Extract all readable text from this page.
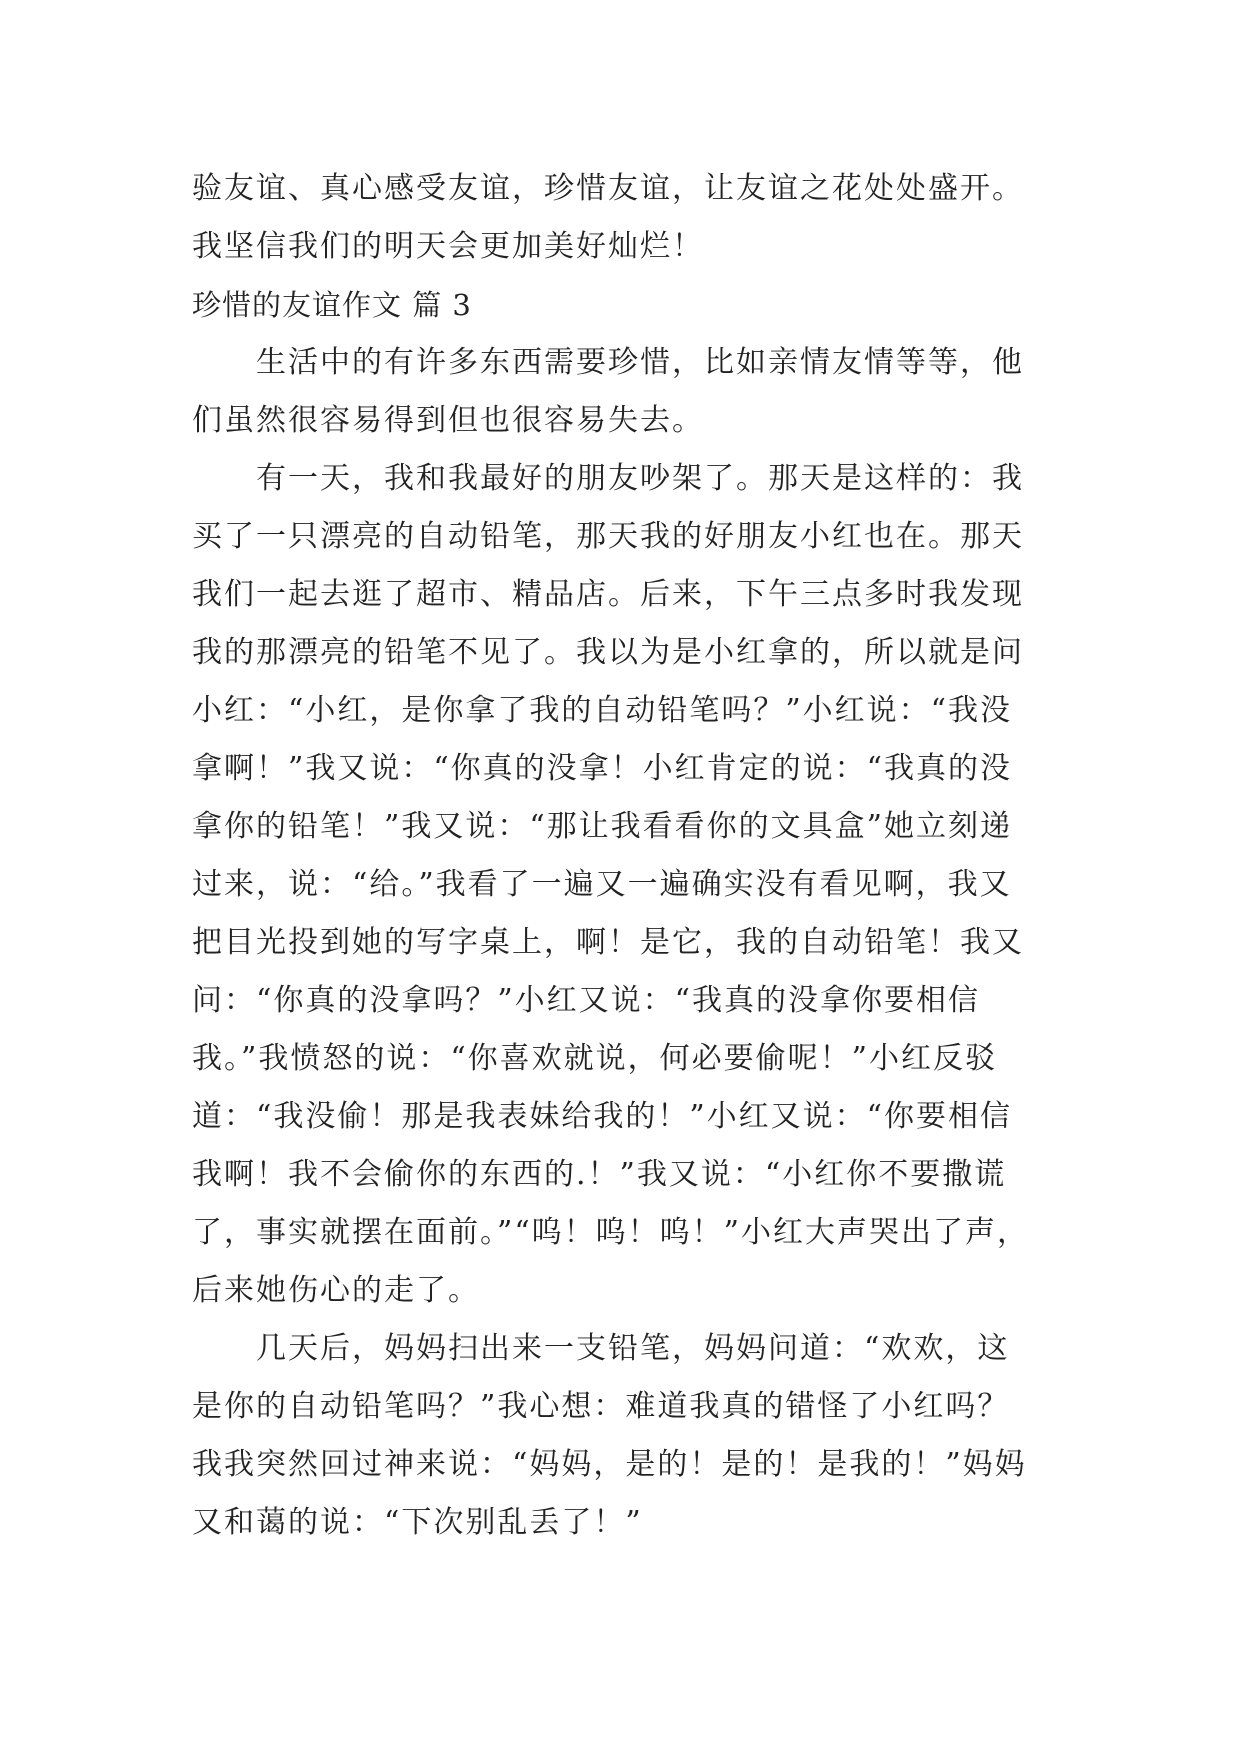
验友谊、真心感受友谊，珍惜友谊，让友谊之花处处盛开。
我坚信我们的明天会更加美好灿烂！
珍惜的友谊作文 篇 3
生活中的有许多东西需要珍惜，比如亲情友情等等，他
们虽然很容易得到但也很容易失去。
有一天，我和我最好的朋友吵架了。那天是这样的：我
买了一只漂亮的自动铅笔，那天我的好朋友小红也在。那天
我们一起去逛了超市、精品店。后来，下午三点多时我发现
我的那漂亮的铅笔不见了。我以为是小红拿的，所以就是问
小红：“小红，是你拿了我的自动铅笔吗？”小红说：“我没
拿啊！”我又说：“你真的没拿！小红肯定的说：“我真的没
拿你的铅笔！”我又说：“那让我看看你的文具盒”她立刻递
过来，说：“给。”我看了一遍又一遍确实没有看见啊，我又
把目光投到她的写字桌上，啊！是它，我的自动铅笔！我又
问：“你真的没拿吗？”小红又说：“我真的没拿你要相信
我。”我愤怒的说：“你喜欢就说，何必要偷呢！”小红反驳
道：“我没偷！那是我表妹给我的！”小红又说：“你要相信
我啊！我不会偷你的东西的.！”我又说：“小红你不要撒谎
了，事实就摆在面前。”“呜！呜！呜！”小红大声哭出了声，
后来她伤心的走了。
几天后，妈妈扫出来一支铅笔，妈妈问道：“欢欢，这
是你的自动铅笔吗？”我心想：难道我真的错怪了小红吗？
我我突然回过神来说：“妈妈，是的！是的！是我的！”妈妈
又和蔼的说：“下次别乱丢了！”
